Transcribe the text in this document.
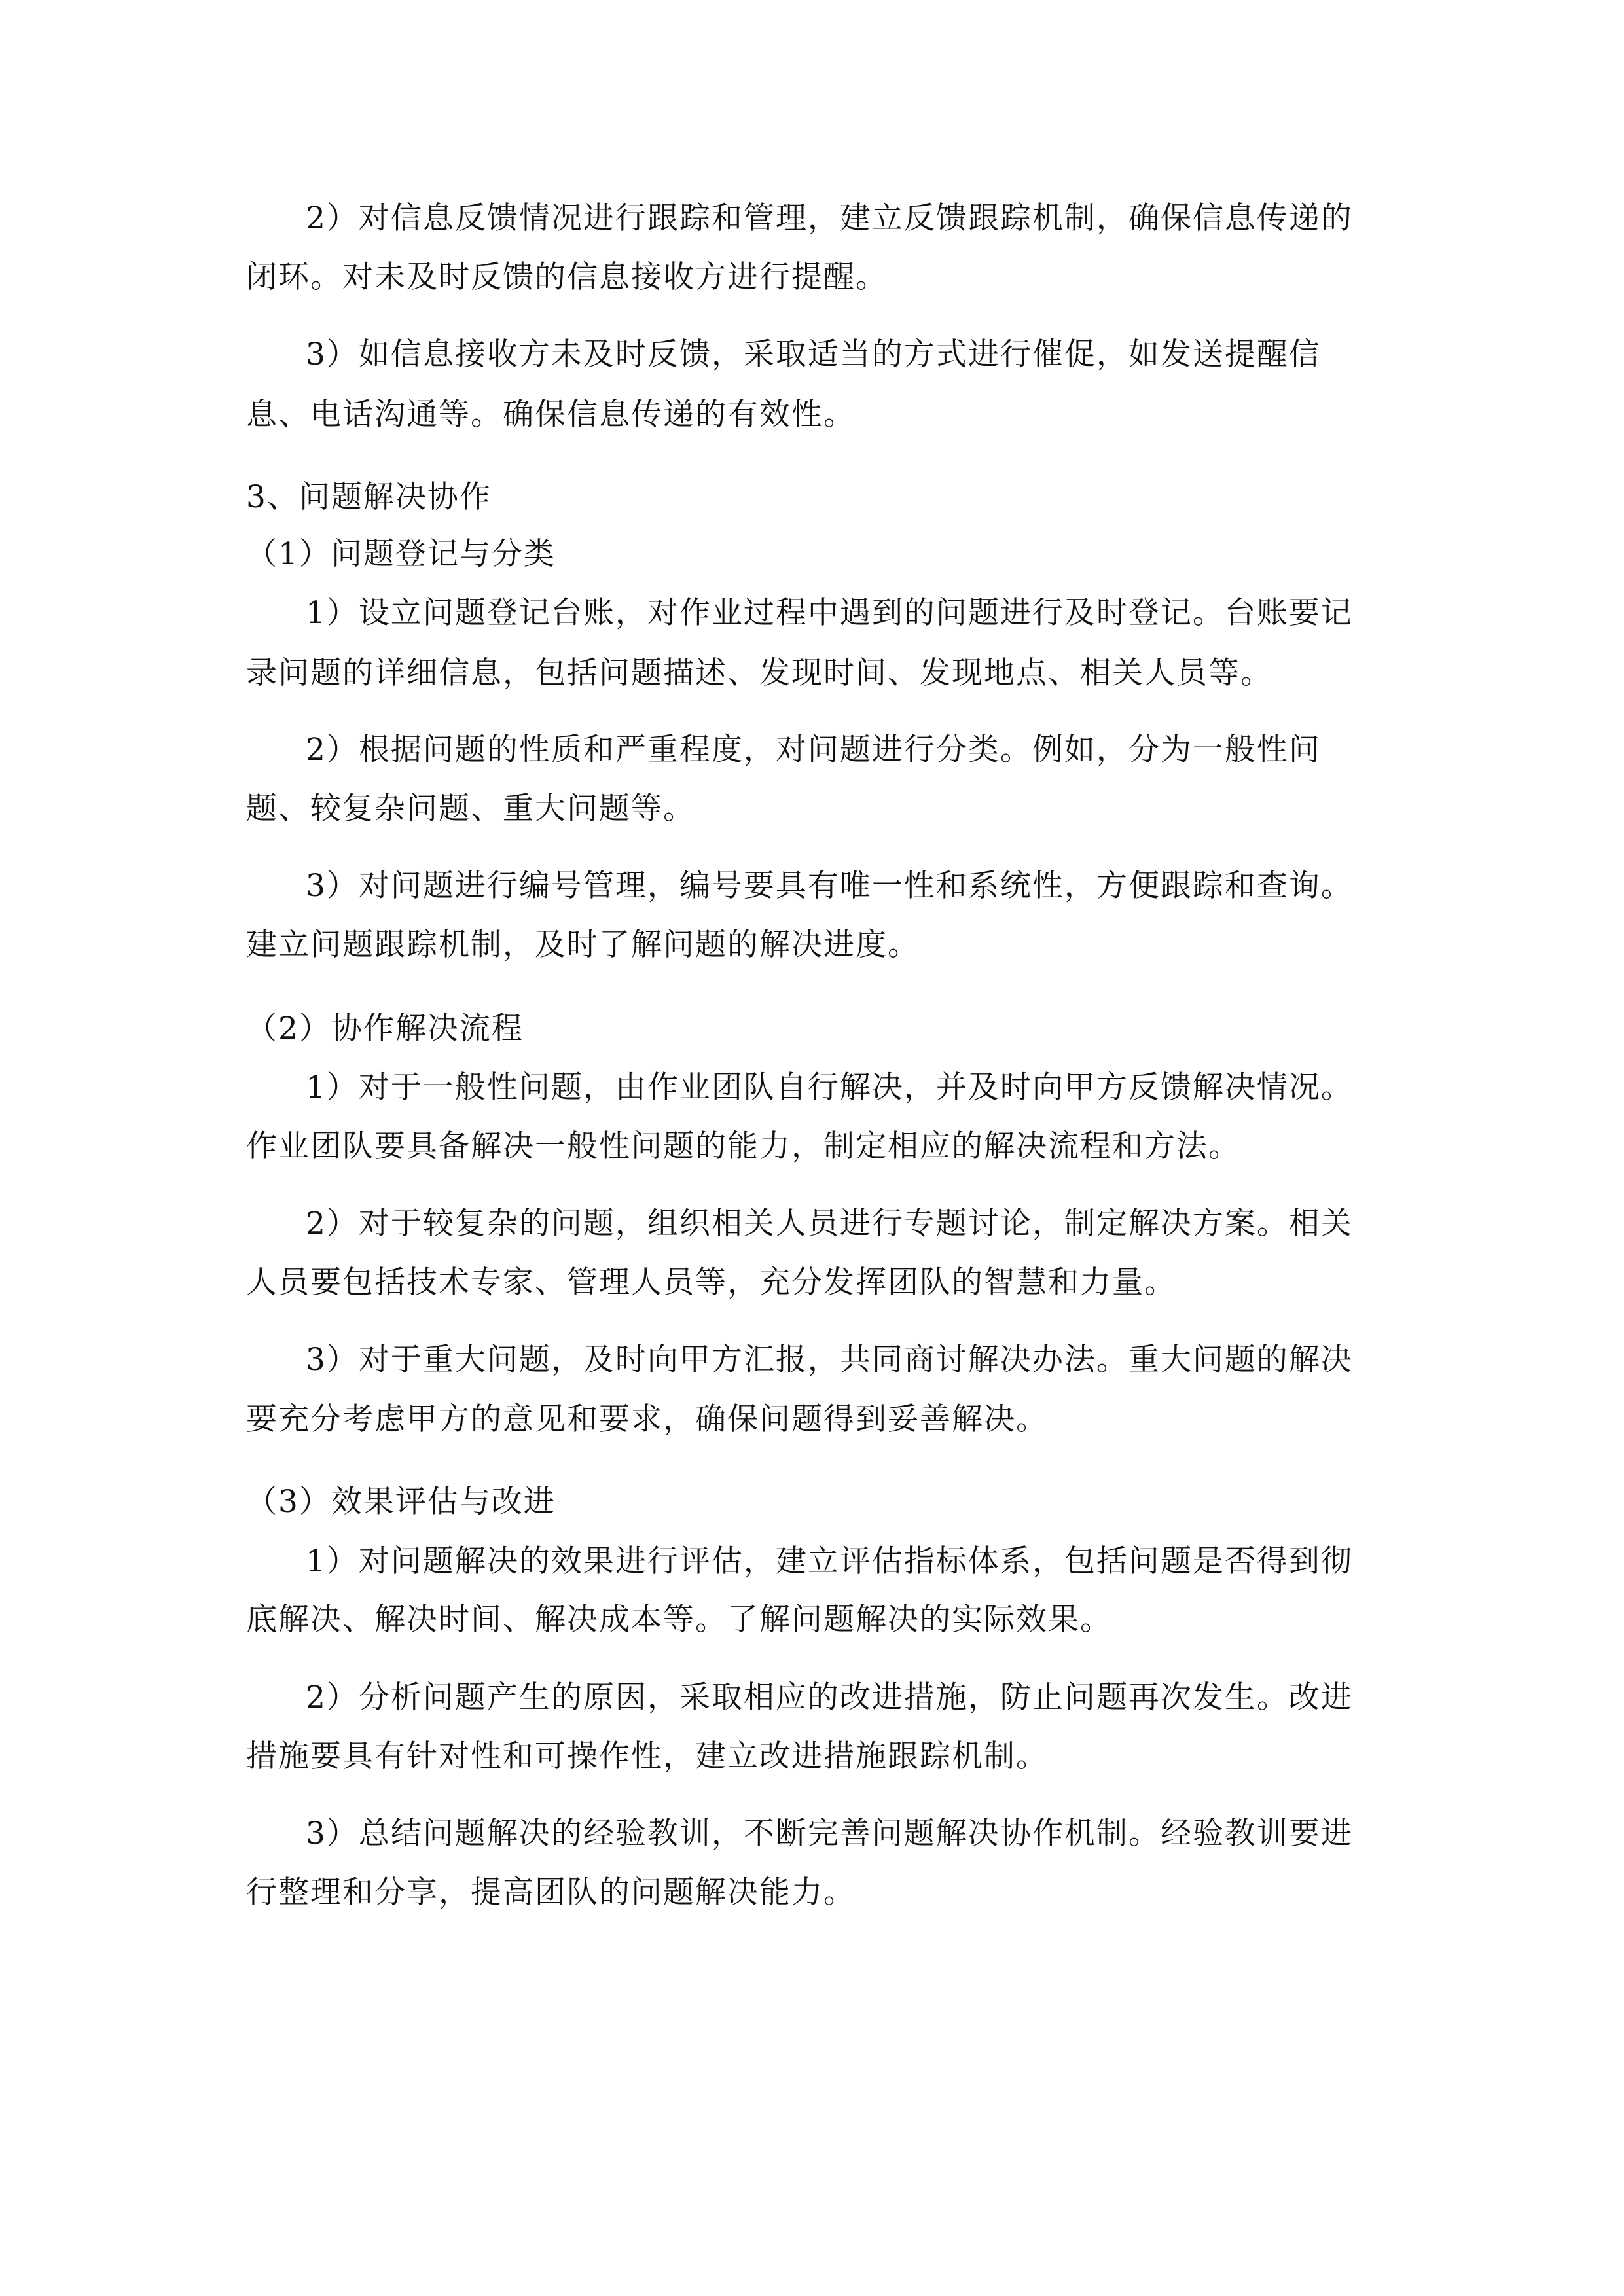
2）对信息反馈情况进行跟踪和管理，建立反馈跟踪机制，确保信息传递的
闭环。对未及时反馈的信息接收方进行提醒。
3）如信息接收方未及时反馈，采取适当的方式进行催促，如发送提醒信
息、电话沟通等。确保信息传递的有效性。
3、问题解决协作
（1）问题登记与分类
1）设立问题登记台账，对作业过程中遇到的问题进行及时登记。台账要记
录问题的详细信息，包括问题描述、发现时间、发现地点、相关人员等。
2）根据问题的性质和严重程度，对问题进行分类。例如，分为一般性问
题、较复杂问题、重大问题等。
3）对问题进行编号管理，编号要具有唯一性和系统性，方便跟踪和查询。
建立问题跟踪机制，及时了解问题的解决进度。
（2）协作解决流程
1）对于一般性问题，由作业团队自行解决，并及时向甲方反馈解决情况。
作业团队要具备解决一般性问题的能力，制定相应的解决流程和方法。
2）对于较复杂的问题，组织相关人员进行专题讨论，制定解决方案。相关
人员要包括技术专家、管理人员等，充分发挥团队的智慧和力量。
3）对于重大问题，及时向甲方汇报，共同商讨解决办法。重大问题的解决
要充分考虑甲方的意见和要求，确保问题得到妥善解决。
（3）效果评估与改进
1）对问题解决的效果进行评估，建立评估指标体系，包括问题是否得到彻
底解决、解决时间、解决成本等。了解问题解决的实际效果。
2）分析问题产生的原因，采取相应的改进措施，防止问题再次发生。改进
措施要具有针对性和可操作性，建立改进措施跟踪机制。
3）总结问题解决的经验教训，不断完善问题解决协作机制。经验教训要进
行整理和分享，提高团队的问题解决能力。
